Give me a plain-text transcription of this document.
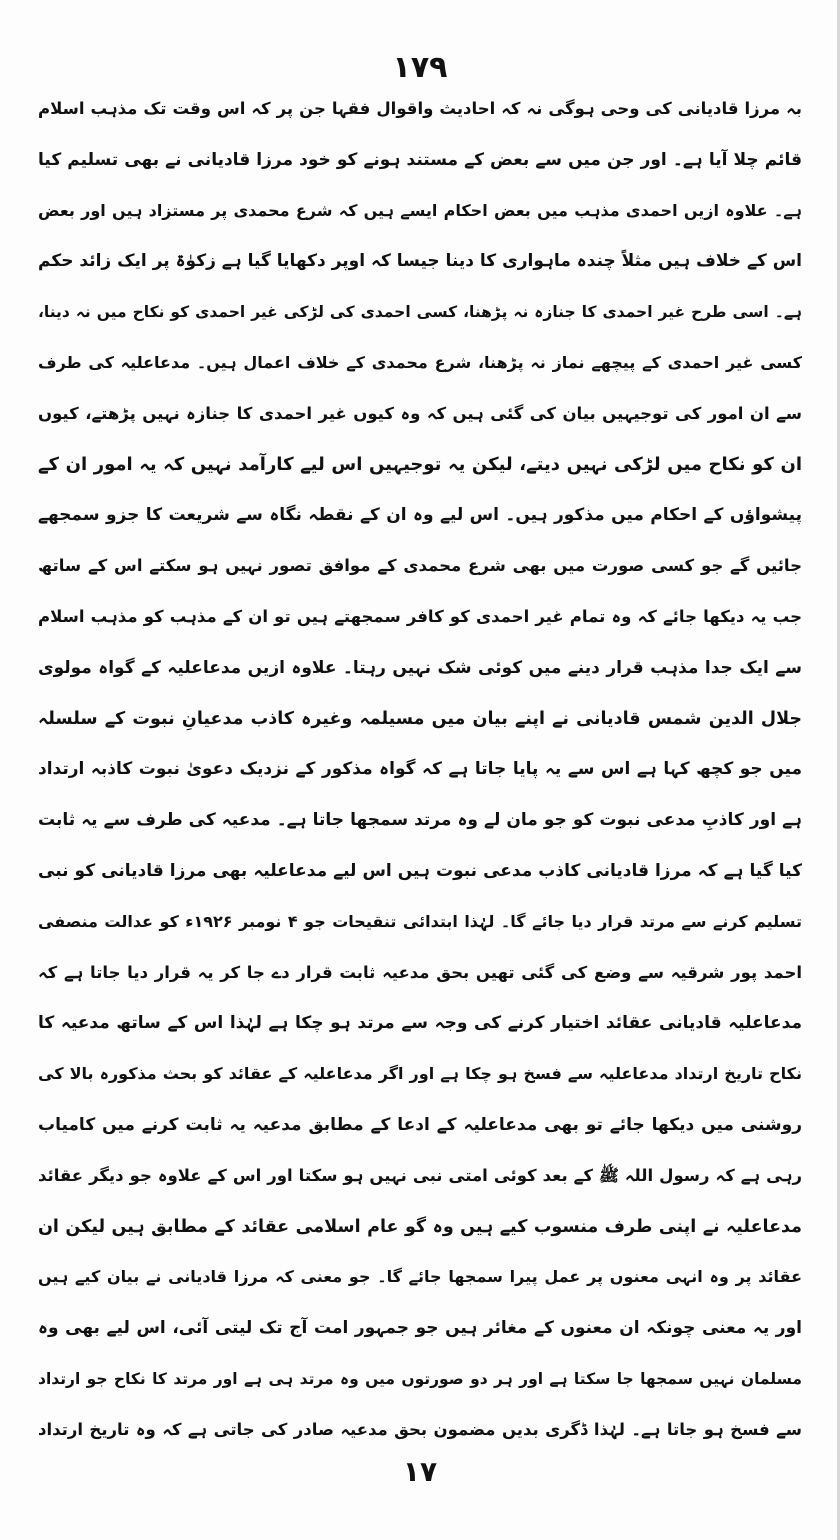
۱۷۹
بہ مرزا قادیانی کی وحی ہوگی نہ کہ احادیث واقوال فقہا جن پر کہ اس وقت تک مذہب اسلام
قائم چلا آیا ہے۔ اور جن میں سے بعض کے مستند ہونے کو خود مرزا قادیانی نے بھی تسلیم کیا
ہے۔ علاوہ ازیں احمدی مذہب میں بعض احکام ایسے ہیں کہ شرع محمدی پر مستزاد ہیں اور بعض
اس کے خلاف ہیں مثلاً چندہ ماہواری کا دینا جیسا کہ اوپر دکھایا گیا ہے زکوٰۃ پر ایک زائد حکم
ہے۔ اسی طرح غیر احمدی کا جنازہ نہ پڑھنا، کسی احمدی کی لڑکی غیر احمدی کو نکاح میں نہ دینا،
کسی غیر احمدی کے پیچھے نماز نہ پڑھنا، شرع محمدی کے خلاف اعمال ہیں۔ مدعاعلیہ کی طرف
سے ان امور کی توجیہیں بیان کی گئی ہیں کہ وہ کیوں غیر احمدی کا جنازہ نہیں پڑھتے، کیوں
ان کو نکاح میں لڑکی نہیں دیتے، لیکن یہ توجیہیں اس لیے کارآمد نہیں کہ یہ امور ان کے
پیشواؤں کے احکام میں مذکور ہیں۔ اس لیے وہ ان کے نقطہ نگاہ سے شریعت کا جزو سمجھے
جائیں گے جو کسی صورت میں بھی شرع محمدی کے موافق تصور نہیں ہو سکتے اس کے ساتھ
جب یہ دیکھا جائے کہ وہ تمام غیر احمدی کو کافر سمجھتے ہیں تو ان کے مذہب کو مذہب اسلام
سے ایک جدا مذہب قرار دینے میں کوئی شک نہیں رہتا۔ علاوہ ازیں مدعاعلیہ کے گواہ مولوی
جلال الدین شمس قادیانی نے اپنے بیان میں مسیلمہ وغیرہ کاذب مدعیانِ نبوت کے سلسلہ
میں جو کچھ کہا ہے اس سے یہ پایا جاتا ہے کہ گواہ مذکور کے نزدیک دعویٰ نبوت کاذبہ ارتداد
ہے اور کاذبِ مدعی نبوت کو جو مان لے وہ مرتد سمجھا جاتا ہے۔ مدعیہ کی طرف سے یہ ثابت
کیا گیا ہے کہ مرزا قادیانی کاذب مدعی نبوت ہیں اس لیے مدعاعلیہ بھی مرزا قادیانی کو نبی
تسلیم کرنے سے مرتد قرار دیا جائے گا۔ لہٰذا ابتدائی تنقیحات جو ۴ نومبر ۱۹۲۶ء کو عدالت منصفی
احمد پور شرقیہ سے وضع کی گئی تھیں بحق مدعیہ ثابت قرار دے جا کر یہ قرار دیا جاتا ہے کہ
مدعاعلیہ قادیانی عقائد اختیار کرنے کی وجہ سے مرتد ہو چکا ہے لہٰذا اس کے ساتھ مدعیہ کا
نکاح تاریخ ارتداد مدعاعلیہ سے فسخ ہو چکا ہے اور اگر مدعاعلیہ کے عقائد کو بحث مذکورہ بالا کی
روشنی میں دیکھا جائے تو بھی مدعاعلیہ کے ادعا کے مطابق مدعیہ یہ ثابت کرنے میں کامیاب
رہی ہے کہ رسول اللہ ﷺ کے بعد کوئی امتی نبی نہیں ہو سکتا اور اس کے علاوہ جو دیگر عقائد
مدعاعلیہ نے اپنی طرف منسوب کیے ہیں وہ گو عام اسلامی عقائد کے مطابق ہیں لیکن ان
عقائد پر وہ انہی معنوں پر عمل پیرا سمجھا جائے گا۔ جو معنی کہ مرزا قادیانی نے بیان کیے ہیں
اور یہ معنی چونکہ ان معنوں کے مغائر ہیں جو جمہور امت آج تک لیتی آئی، اس لیے بھی وہ
مسلمان نہیں سمجھا جا سکتا ہے اور ہر دو صورتوں میں وہ مرتد ہی ہے اور مرتد کا نکاح جو ارتداد
سے فسخ ہو جاتا ہے۔ لہٰذا ڈگری بدیں مضمون بحق مدعیہ صادر کی جاتی ہے کہ وہ تاریخ ارتداد
۱۷
